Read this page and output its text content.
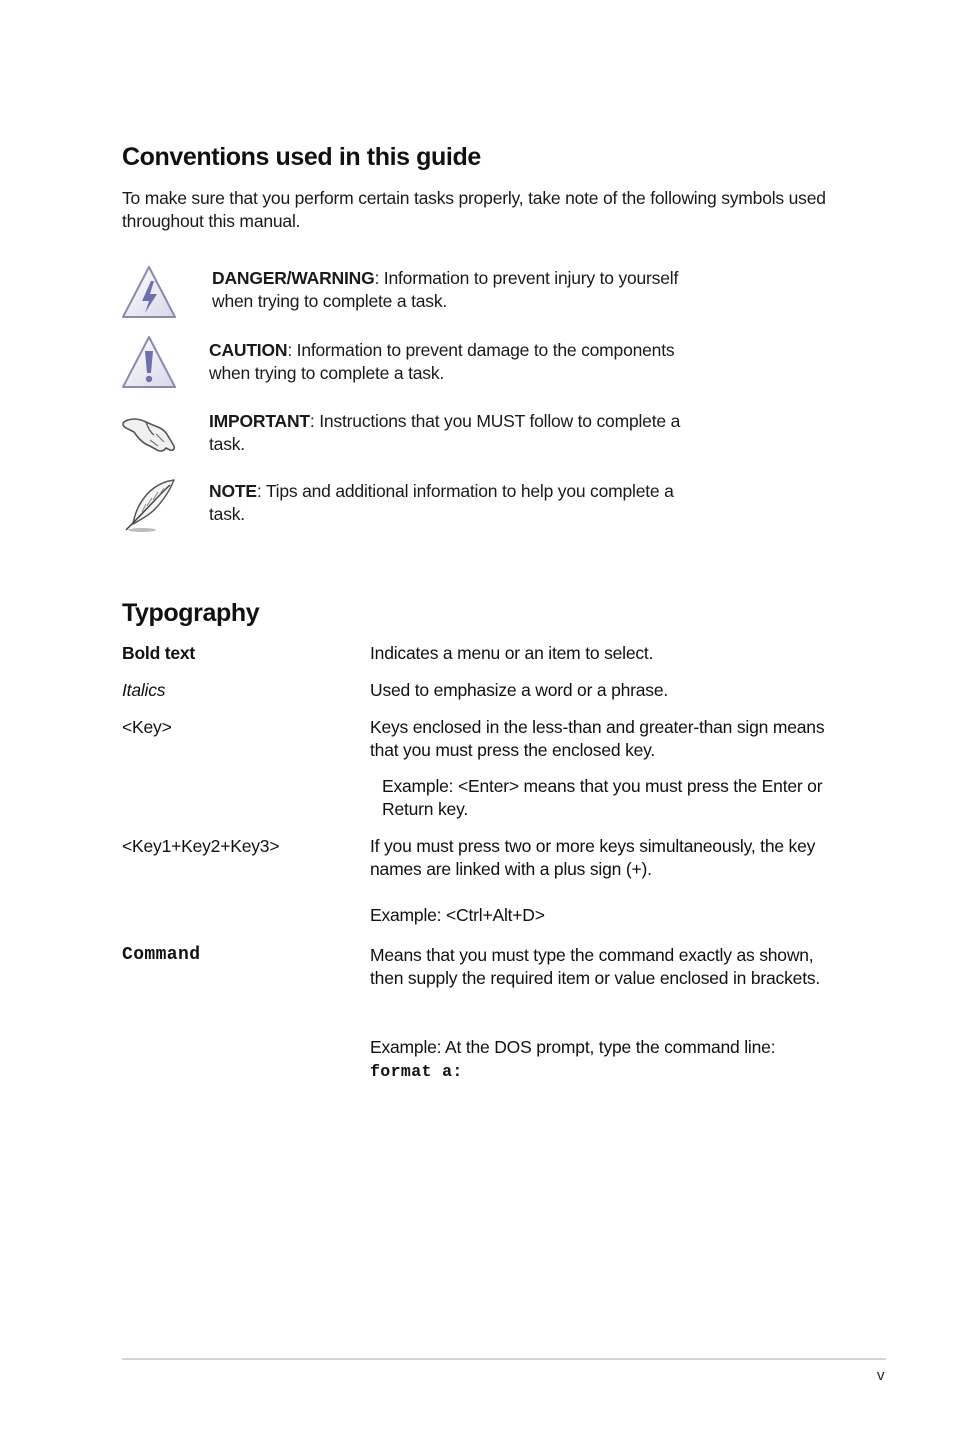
Conventions used in this guide
To make sure that you perform certain tasks properly, take note of the following symbols used throughout this manual.
DANGER/WARNING: Information to prevent injury to yourself when trying to complete a task.
CAUTION: Information to prevent damage to the components when trying to complete a task.
IMPORTANT: Instructions that you MUST follow to complete a task.
NOTE: Tips and additional information to help you complete a task.
Typography
Bold text	Indicates a menu or an item to select.
Italics	Used to emphasize a word or a phrase.
<Key>	Keys enclosed in the less-than and greater-than sign means that you must press the enclosed key.
Example: <Enter> means that you must press the Enter or Return key.
<Key1+Key2+Key3>	If you must press two or more keys simultaneously, the key names are linked with a plus sign (+).
Example: <Ctrl+Alt+D>
Command	Means that you must type the command exactly as shown, then supply the required item or value enclosed in brackets.
Example: At the DOS prompt, type the command line:
format a:
v
